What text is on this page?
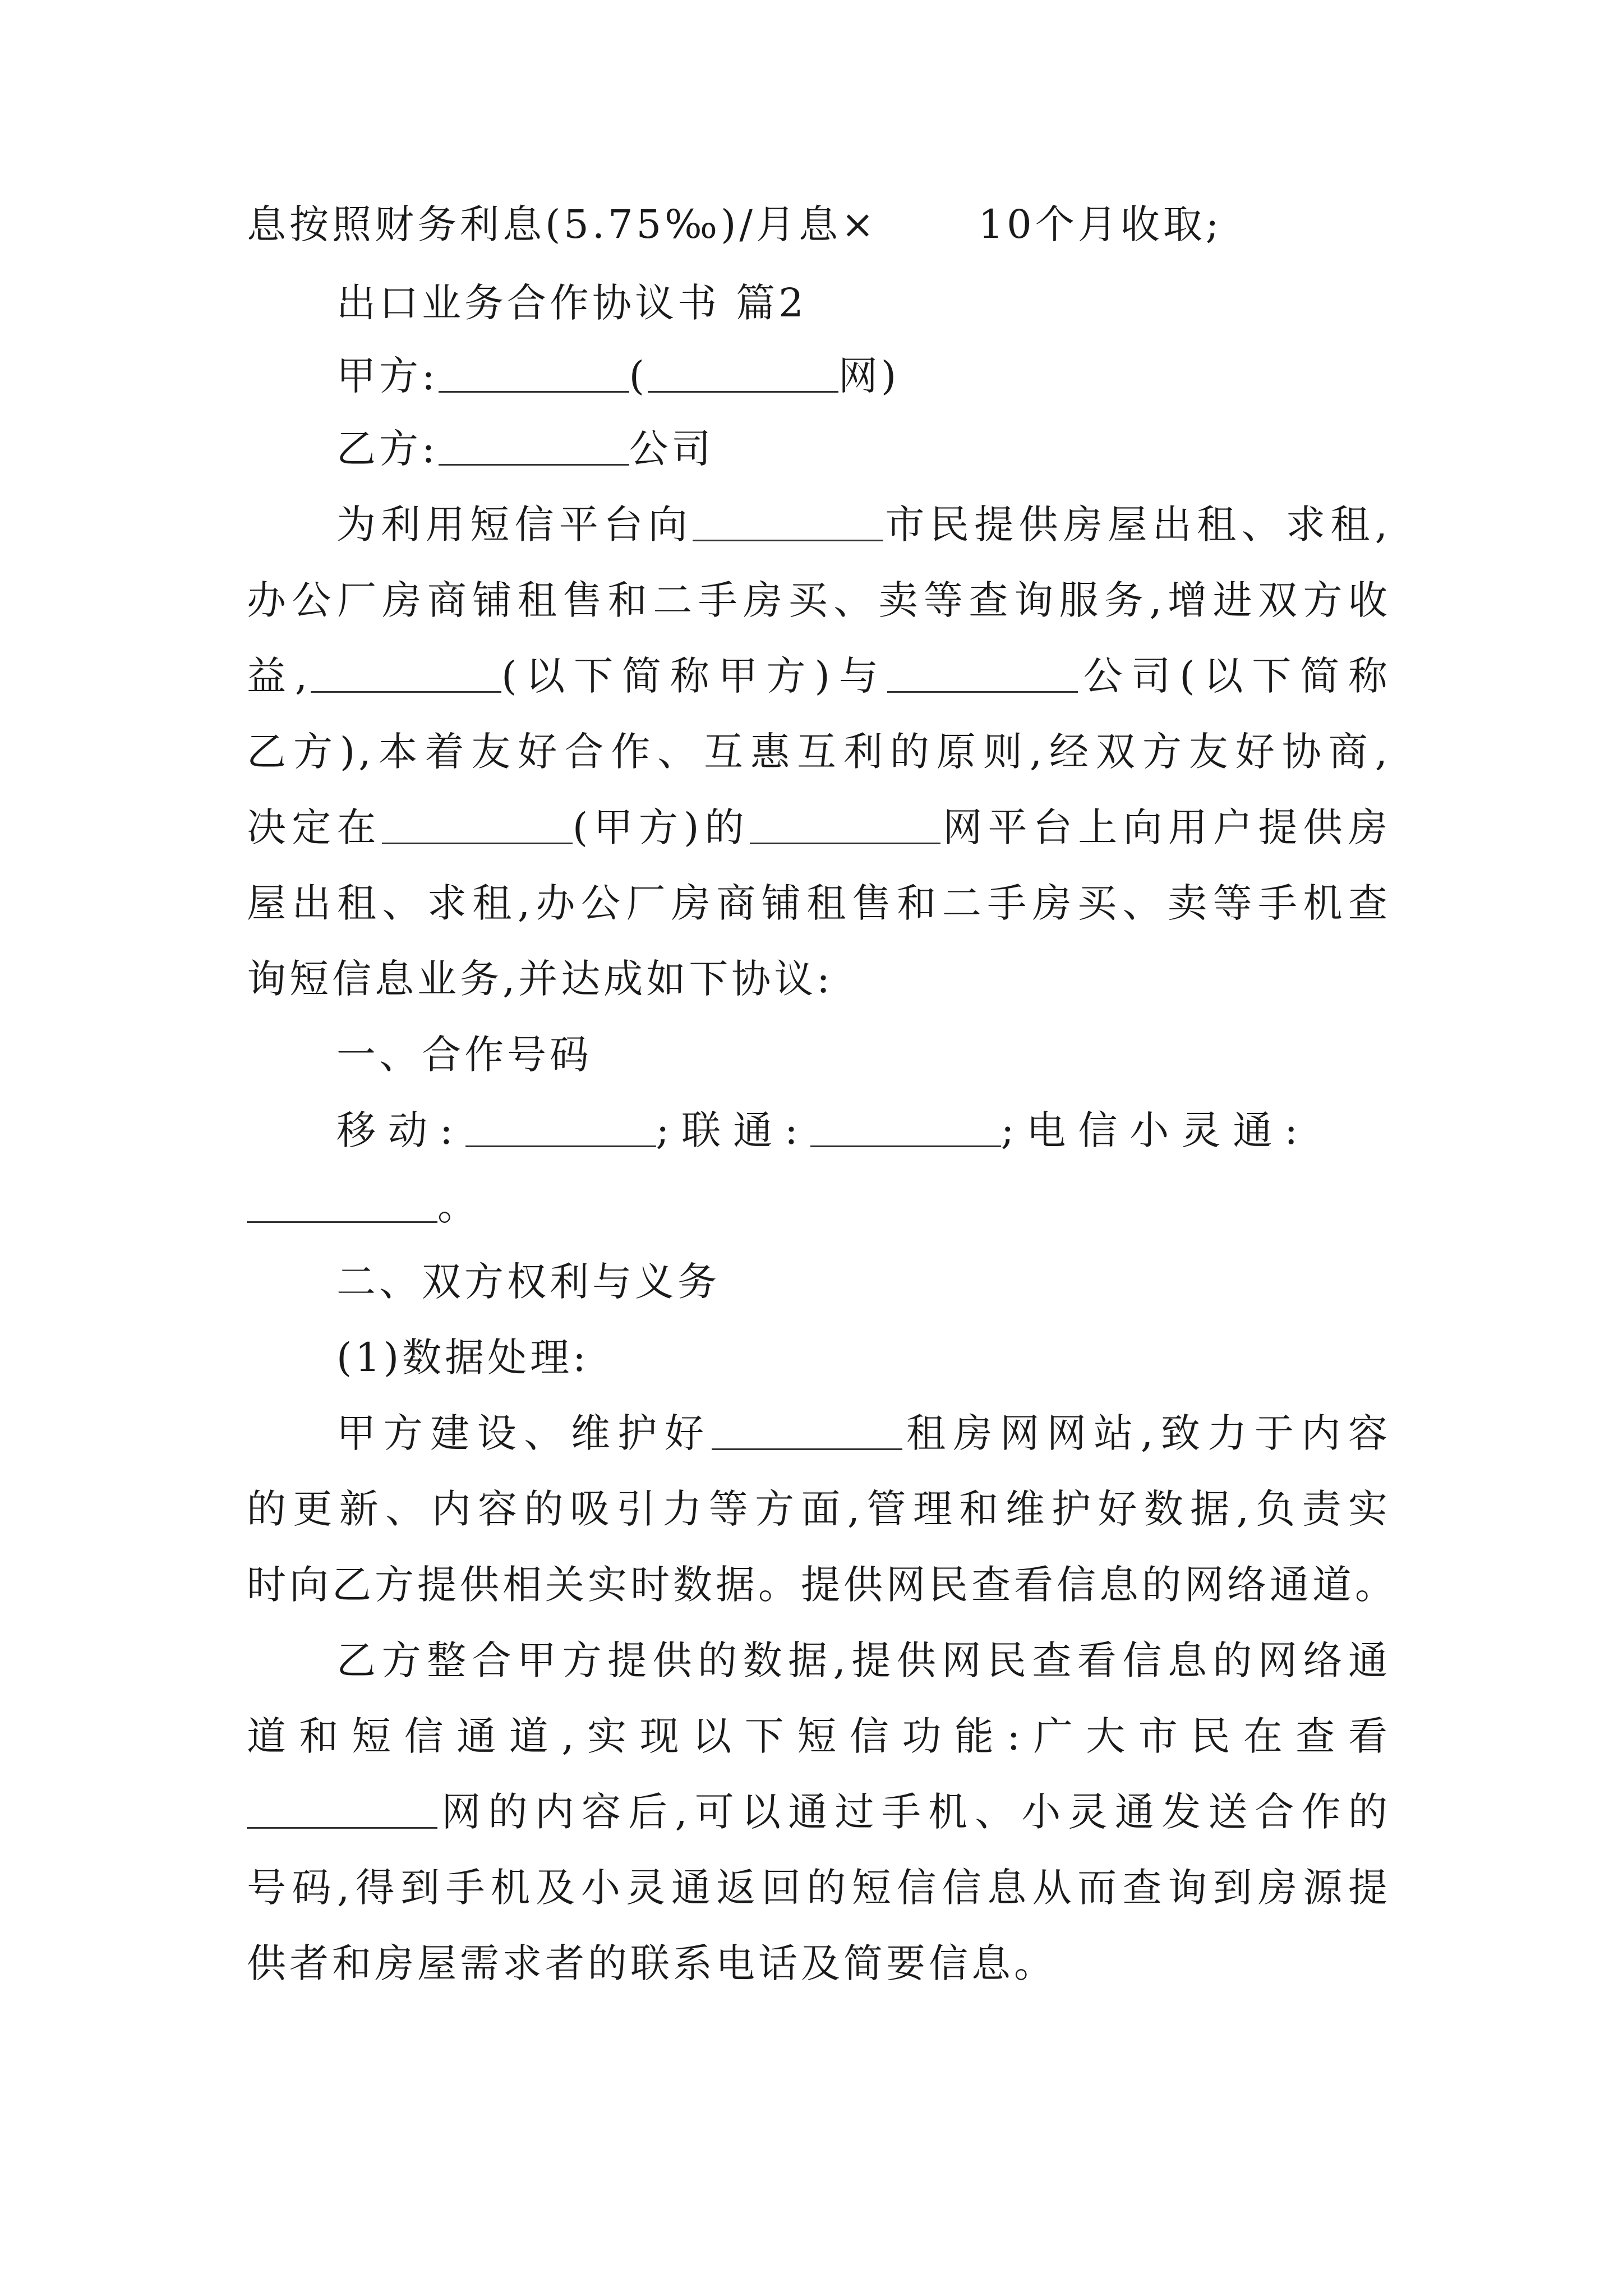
息按照财务利息(5.75‰)/月息×	10个月收取;
出口业务合作协议书 篇2
甲方:	(	网)
乙方:	公司
为利用短信平台向	市民提供房屋出租、求租,
办公厂房商铺租售和二手房买、卖等查询服务,增进双方收
益,	(以下简称甲方)与	公司(以下简称
乙方),本着友好合作、互惠互利的原则,经双方友好协商,
决定在	(甲方)的	网平台上向用户提供房
屋出租、求租,办公厂房商铺租售和二手房买、卖等手机查
询短信息业务,并达成如下协议:
一、合作号码
移动:	;联通:	;电信小灵通:
。
二、双方权利与义务
(1)数据处理:
甲方建设、维护好	租房网网站,致力于内容
的更新、内容的吸引力等方面,管理和维护好数据,负责实
时向乙方提供相关实时数据。提供网民查看信息的网络通道。
乙方整合甲方提供的数据,提供网民查看信息的网络通
道和短信通道,实现以下短信功能:广大市民在查看
网的内容后,可以通过手机、小灵通发送合作的
号码,得到手机及小灵通返回的短信信息从而查询到房源提
供者和房屋需求者的联系电话及简要信息。
